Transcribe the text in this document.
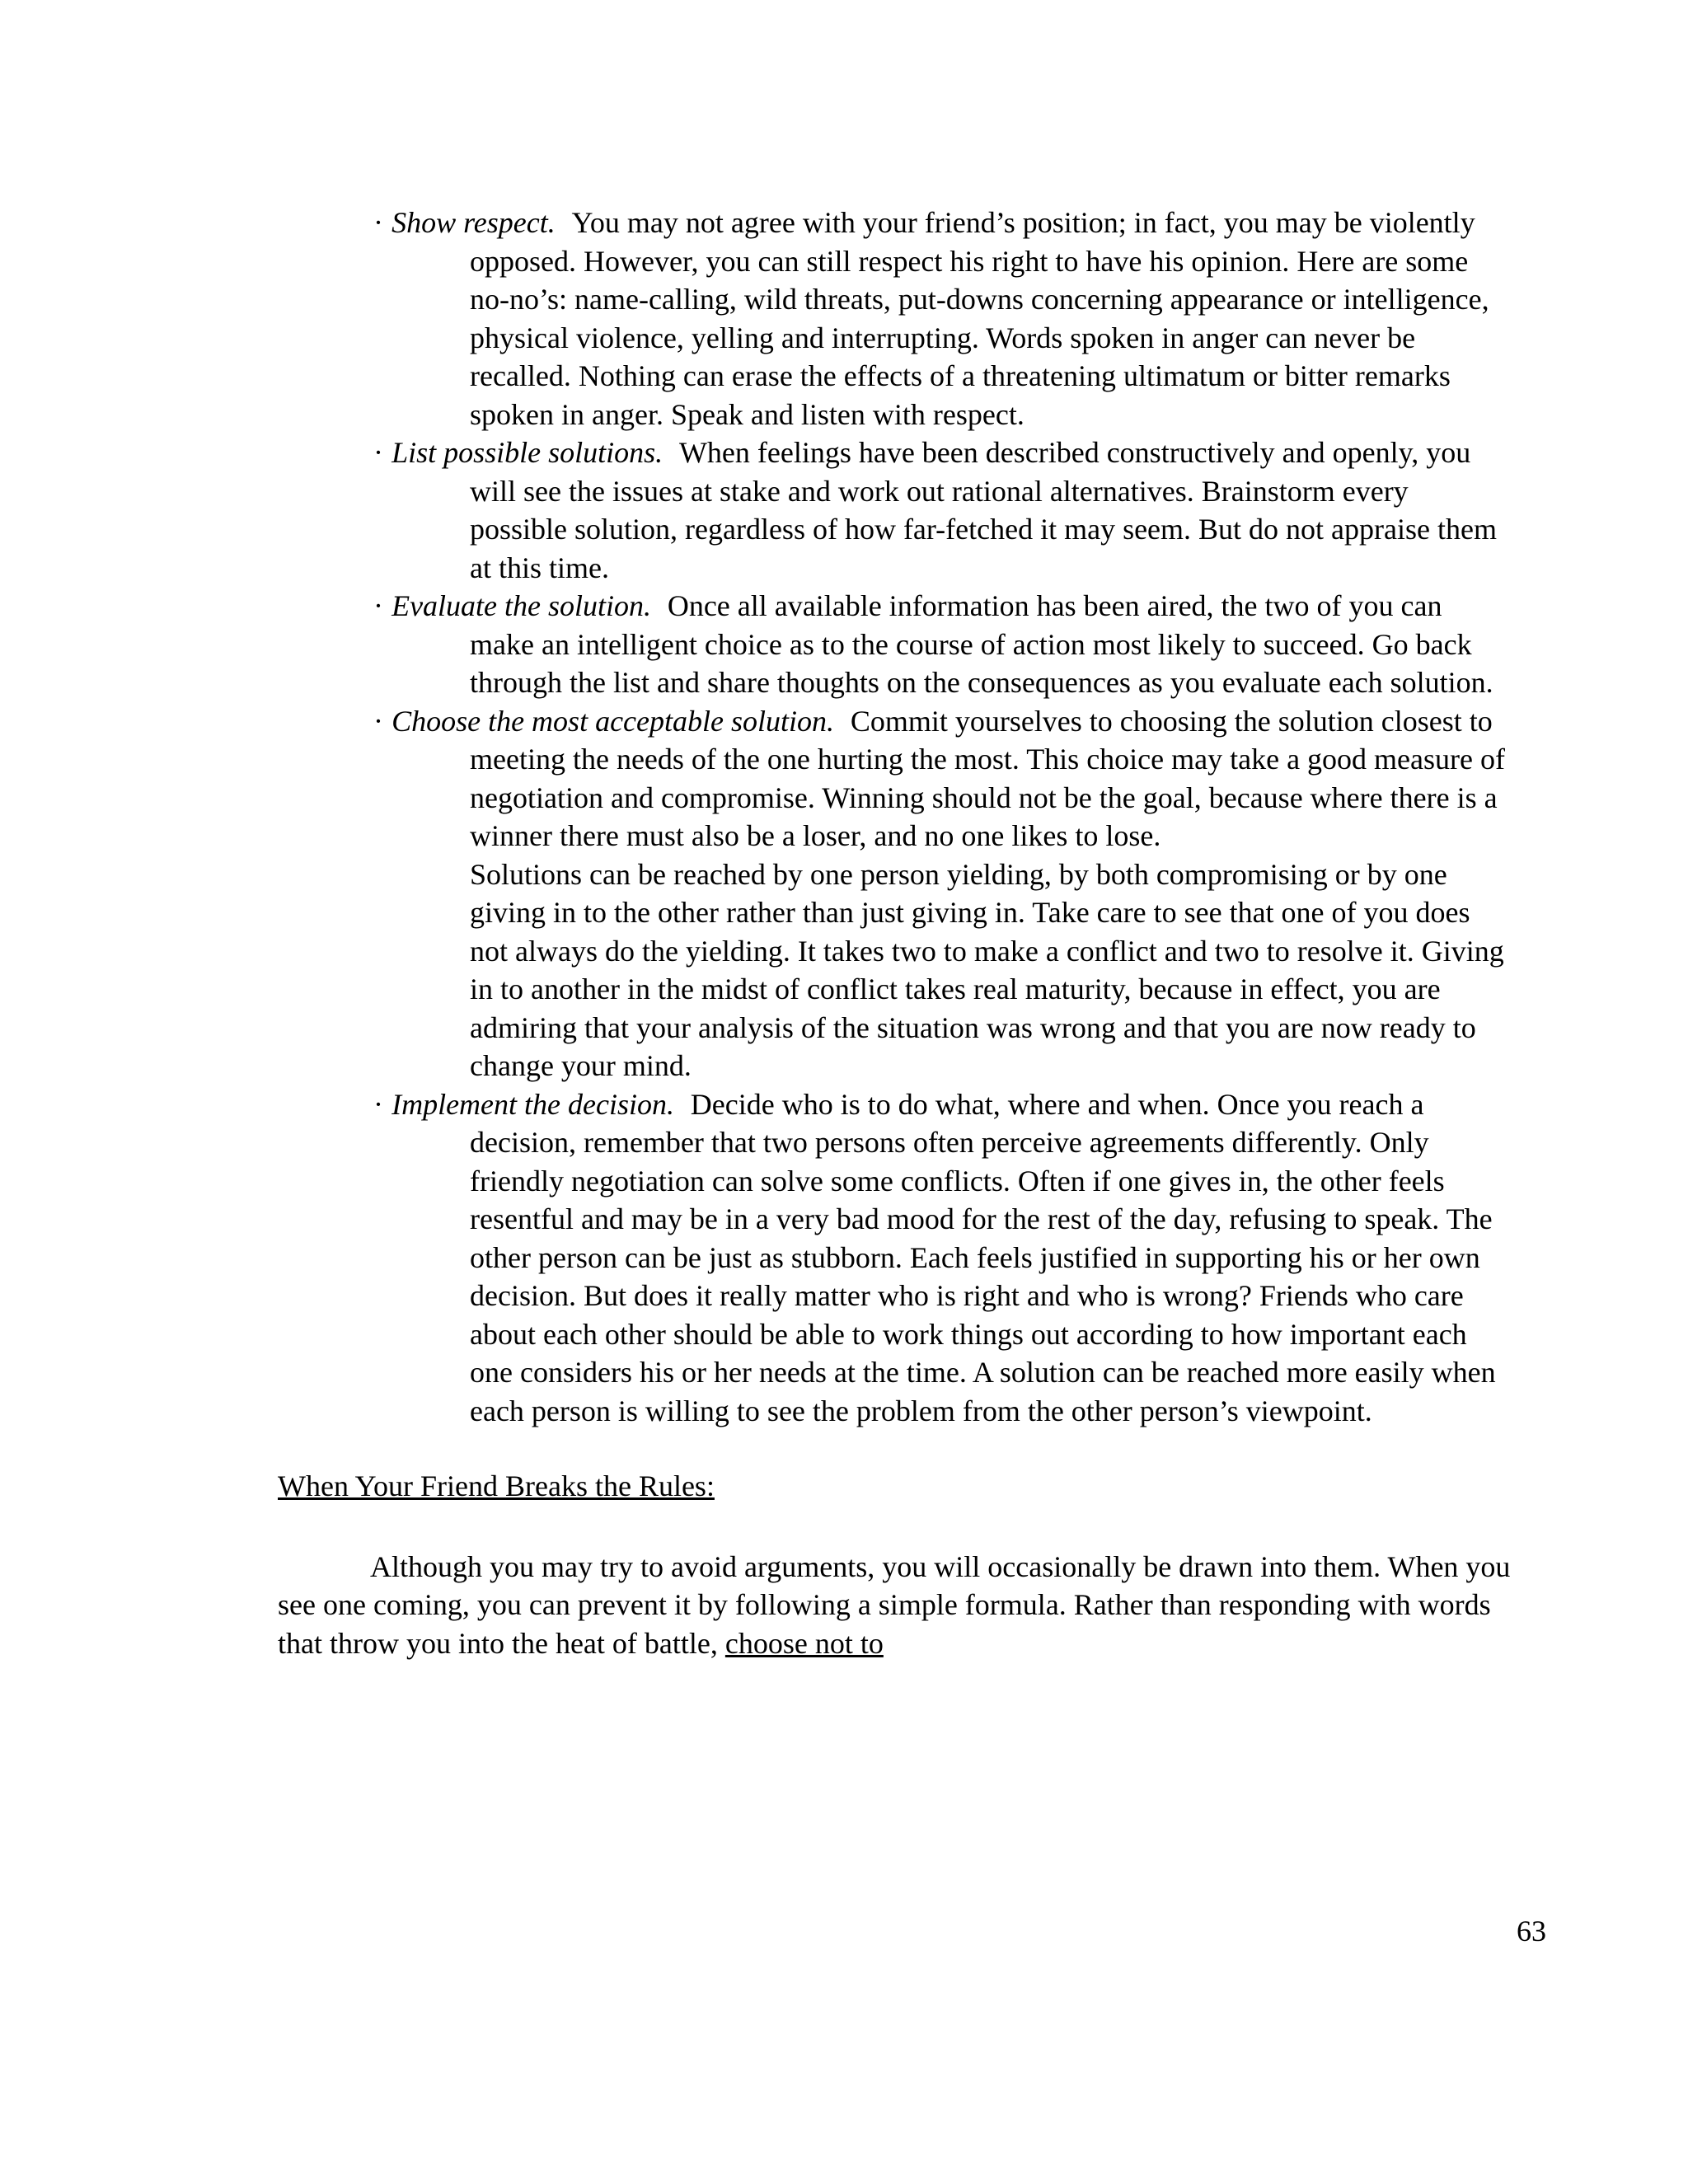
· Show respect. You may not agree with your friend’s position; in fact, you may be violently opposed. However, you can still respect his right to have his opinion. Here are some no-no’s: name-calling, wild threats, put-downs concerning appearance or intelligence, physical violence, yelling and interrupting. Words spoken in anger can never be recalled. Nothing can erase the effects of a threatening ultimatum or bitter remarks spoken in anger. Speak and listen with respect.
· List possible solutions. When feelings have been described constructively and openly, you will see the issues at stake and work out rational alternatives. Brainstorm every possible solution, regardless of how far-fetched it may seem. But do not appraise them at this time.
· Evaluate the solution. Once all available information has been aired, the two of you can make an intelligent choice as to the course of action most likely to succeed. Go back through the list and share thoughts on the consequences as you evaluate each solution.
· Choose the most acceptable solution. Commit yourselves to choosing the solution closest to meeting the needs of the one hurting the most. This choice may take a good measure of negotiation and compromise. Winning should not be the goal, because where there is a winner there must also be a loser, and no one likes to lose.
Solutions can be reached by one person yielding, by both compromising or by one giving in to the other rather than just giving in. Take care to see that one of you does not always do the yielding. It takes two to make a conflict and two to resolve it. Giving in to another in the midst of conflict takes real maturity, because in effect, you are admiring that your analysis of the situation was wrong and that you are now ready to change your mind.
· Implement the decision. Decide who is to do what, where and when. Once you reach a decision, remember that two persons often perceive agreements differently. Only friendly negotiation can solve some conflicts. Often if one gives in, the other feels resentful and may be in a very bad mood for the rest of the day, refusing to speak. The other person can be just as stubborn. Each feels justified in supporting his or her own decision. But does it really matter who is right and who is wrong? Friends who care about each other should be able to work things out according to how important each one considers his or her needs at the time. A solution can be reached more easily when each person is willing to see the problem from the other person’s viewpoint.
When Your Friend Breaks the Rules:
Although you may try to avoid arguments, you will occasionally be drawn into them. When you see one coming, you can prevent it by following a simple formula. Rather than responding with words that throw you into the heat of battle, choose not to
63
